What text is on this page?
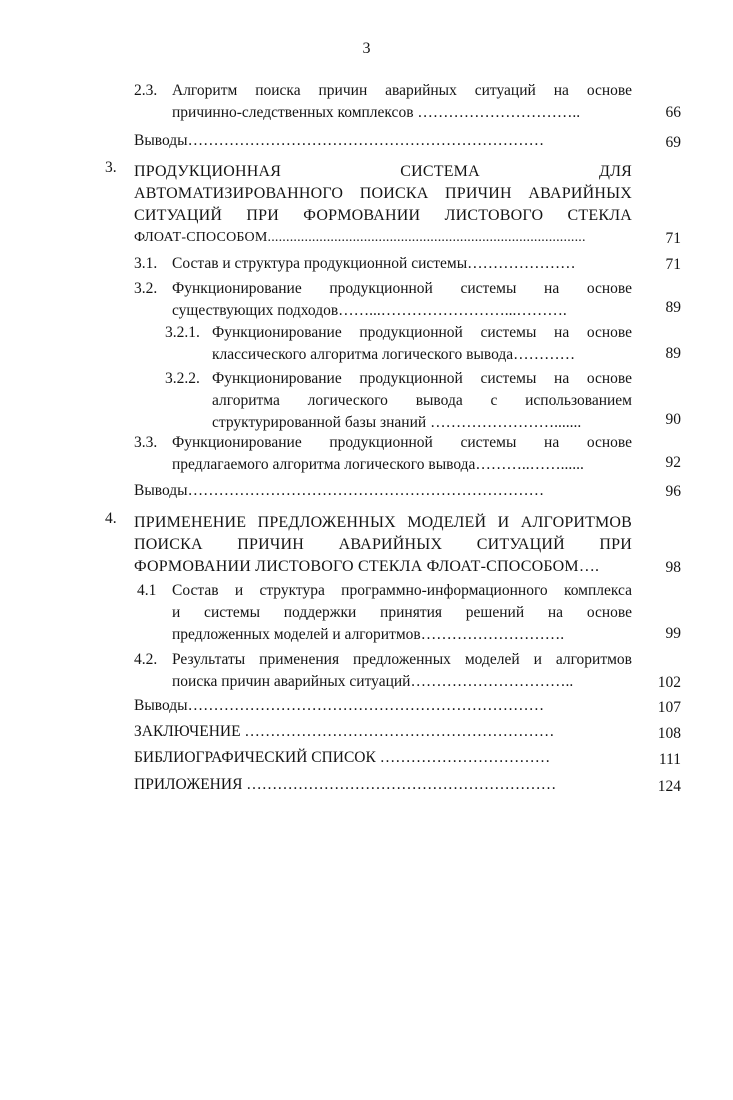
3
2.3. Алгоритм поиска причин аварийных ситуаций на основе
причинно-следственных комплексов …………………………..	66
Выводы……………………………………………………………	69
3. ПРОДУКЦИОННАЯ СИСТЕМА ДЛЯ
АВТОМАТИЗИРОВАННОГО ПОИСКА ПРИЧИН АВАРИЙНЫХ
СИТУАЦИЙ ПРИ ФОРМОВАНИИ ЛИСТОВОГО СТЕКЛА
ФЛОАТ-СПОСОБОМ......................................................................................	71
3.1. Состав и структура продукционной системы…………………	71
3.2. Функционирование продукционной системы на основе
существующих подходов……...……………………...……….	89
3.2.1. Функционирование продукционной системы на основе
классического алгоритма логического вывода…………	89
3.2.2. Функционирование продукционной системы на основе
алгоритма логического вывода с использованием
структурированной базы знаний …………………….......	90
3.3. Функционирование продукционной системы на основе
предлагаемого алгоритма логического вывода………..……......	92
Выводы……………………………………………………………	96
4. ПРИМЕНЕНИЕ ПРЕДЛОЖЕННЫХ МОДЕЛЕЙ И АЛГОРИТМОВ
ПОИСКА ПРИЧИН АВАРИЙНЫХ СИТУАЦИЙ ПРИ
ФОРМОВАНИИ ЛИСТОВОГО СТЕКЛА ФЛОАТ-СПОСОБОМ….	98
4.1 Состав и структура программно-информационного комплекса
и системы поддержки принятия решений на основе
предложенных моделей и алгоритмов……………………….	99
4.2. Результаты применения предложенных моделей и алгоритмов
поиска причин аварийных ситуаций…………………………..	102
Выводы……………………………………………………………	107
ЗАКЛЮЧЕНИЕ ……………………………………………………	108
БИБЛИОГРАФИЧЕСКИЙ СПИСОК ……………………………	111
ПРИЛОЖЕНИЯ ……………………………………………………	124
